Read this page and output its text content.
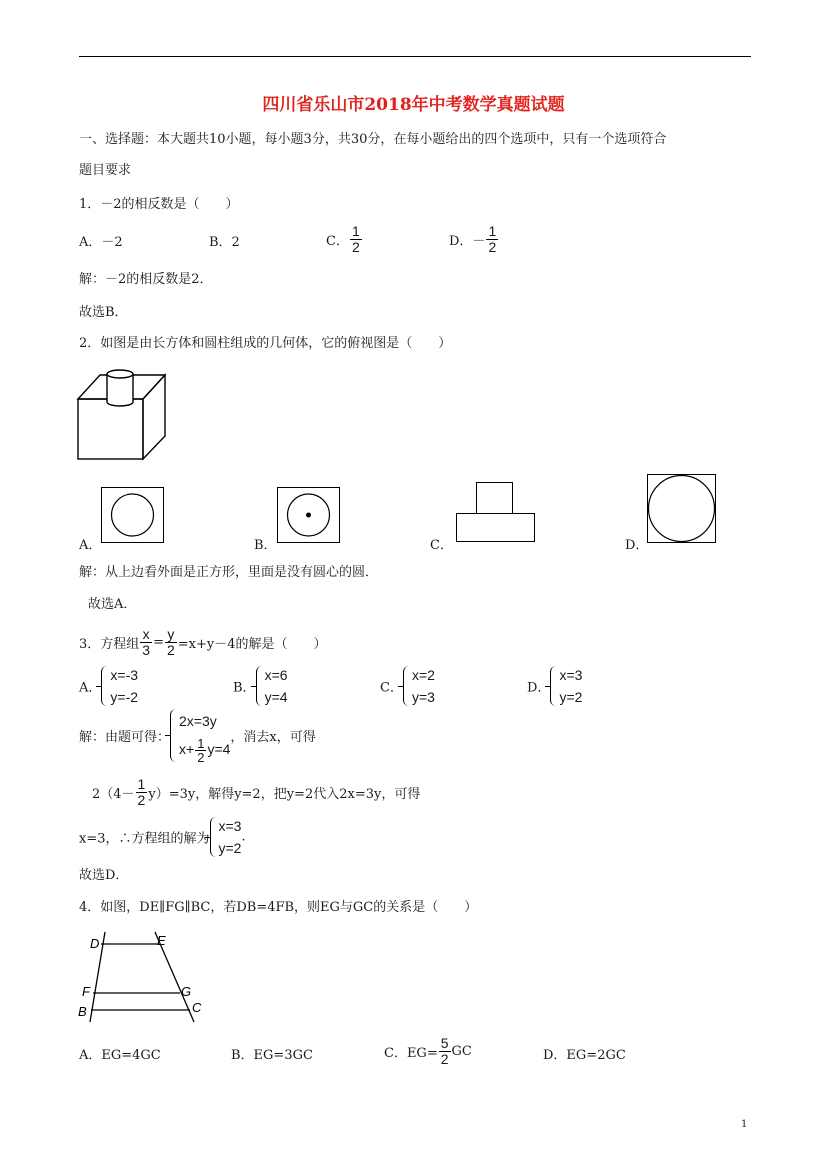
四川省乐山市2018年中考数学真题试题
一、选择题：本大题共10小题，每小题3分，共30分，在每小题给出的四个选项中，只有一个选项符合
题目要求
1．－2的相反数是（　　）
A．－2	B．2	C． $\frac{1}{2}$	D．－ $\frac{1}{2}$
解：－2的相反数是2．
故选B．
2．如图是由长方体和圆柱组成的几何体，它的俯视图是（　　）
A．	B．	C．	D．
解：从上边看外面是正方形，里面是没有圆心的圆．
故选A．
3．方程组 $\frac{x}{3} = \frac{y}{2} =x+y-4$的解是（　　）
A．
x=-3
y=-2
B．
x=6
y=4
C．
x=2
y=3
D．
x=3
y=2
解：由题可得：
2x=3y
$x+ \frac{1}{2} y=4$
，消去x，可得
$2(4- \frac{1}{2} y)=3y$，解得y=2，把y=2代入2x=3y，可得
x=3，∴方程组的解为
x=3
y=2
.
故选D．
4．如图，DE∥FG∥BC，若DB=4FB，则EG与GC的关系是（　　）
D	E
F	G
B	C
A．EG=4GC	B．EG=3GC	C．$EG= \frac{5}{2}$ GC	D．EG=2GC
1
